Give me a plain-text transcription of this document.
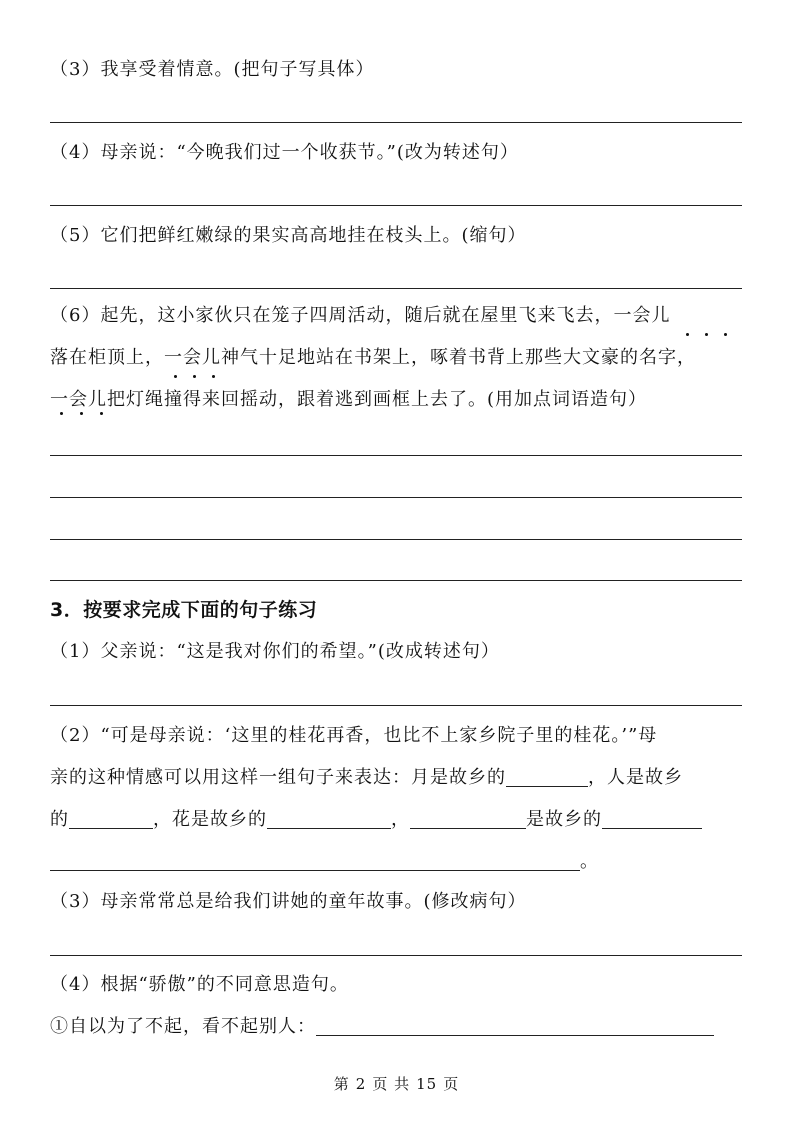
（3）我享受着情意。(把句子写具体）
（4）母亲说：“今晚我们过一个收获节。”(改为转述句）
（5）它们把鲜红嫩绿的果实高高地挂在枝头上。(缩句）
（6）起先，这小家伙只在笼子四周活动，随后就在屋里飞来飞去，一会儿
落在柜顶上，一会儿神气十足地站在书架上，啄着书背上那些大文豪的名字，
一会儿把灯绳撞得来回摇动，跟着逃到画框上去了。(用加点词语造句）
3．按要求完成下面的句子练习
（1）父亲说：“这是我对你们的希望。”(改成转述句）
（2）“可是母亲说：‘这里的桂花再香，也比不上家乡院子里的桂花。’”母
亲的这种情感可以用这样一组句子来表达：月是故乡的	，人是故乡
的	，花是故乡的	，	是故乡的
。
（3）母亲常常总是给我们讲她的童年故事。(修改病句）
（4）根据“骄傲”的不同意思造句。
①自以为了不起，看不起别人：
第 2 页 共 15 页
